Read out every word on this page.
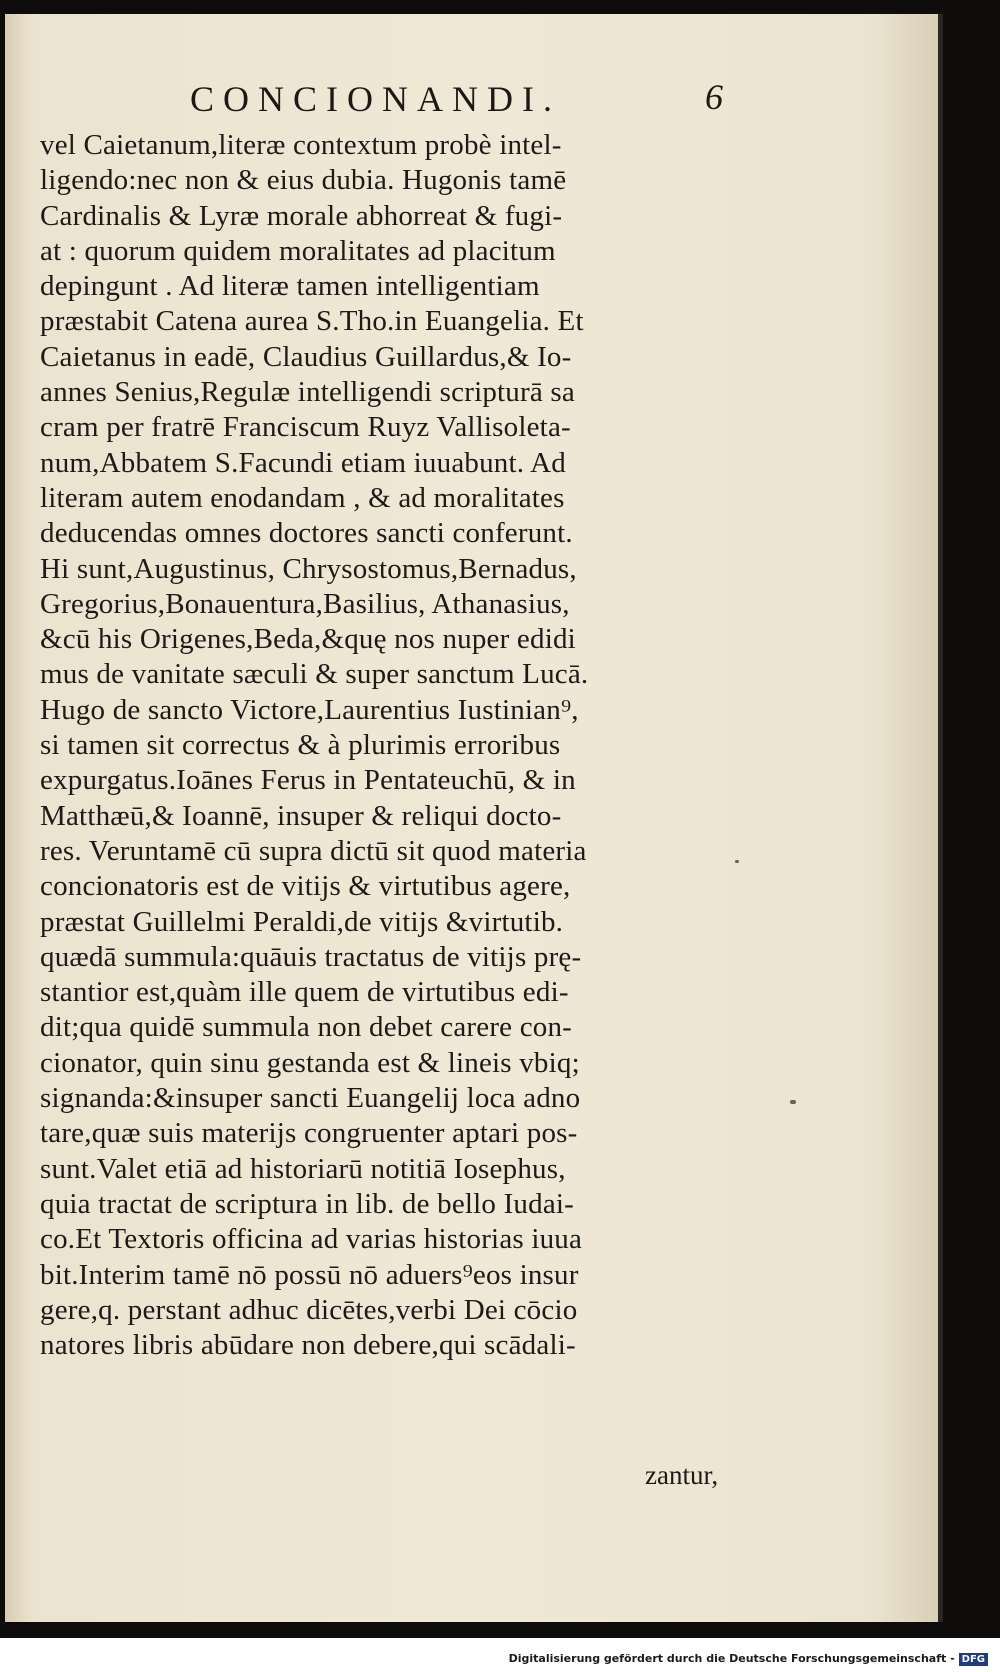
CONCIONANDI.	6
vel Caietanum,literæ contextum probè intel-
ligendo:nec non & eius dubia. Hugonis tamē
Cardinalis & Lyræ morale abhorreat & fugi-
at : quorum quidem moralitates ad placitum
depingunt . Ad literæ tamen intelligentiam
præstabit Catena aurea S.Tho.in Euangelia. Et
Caietanus in eadē, Claudius Guillardus,& Io-
annes Senius,Regulæ intelligendi scripturā sa
cram per fratrē Franciscum Ruyz Vallisoleta-
num,Abbatem S.Facundi etiam iuuabunt. Ad
literam autem enodandam , & ad moralitates
deducendas omnes doctores sancti conferunt.
Hi sunt,Augustinus, Chrysostomus,Bernadus,
Gregorius,Bonauentura,Basilius, Athanasius,
&cū his Origenes,Beda,&quę nos nuper edidi
mus de vanitate sæculi & super sanctum Lucā.
Hugo de sancto Victore,Laurentius Iustinian⁹,
si tamen sit correctus & à plurimis erroribus
expurgatus.Ioānes Ferus in Pentateuchū, & in
Matthæū,& Ioannē, insuper & reliqui docto-
res. Veruntamē cū supra dictū sit quod materia
concionatoris est de vitijs & virtutibus agere,
præstat Guillelmi Peraldi,de vitijs &virtutib.
quædā summula:quāuis tractatus de vitijs prę-
stantior est,quàm ille quem de virtutibus edi-
dit;qua quidē summula non debet carere con-
cionator, quin sinu gestanda est & lineis vbiq;
signanda:&insuper sancti Euangelij loca adno
tare,quæ suis materijs congruenter aptari pos-
sunt.Valet etiā ad historiarū notitiā Iosephus,
quia tractat de scriptura in lib. de bello Iudai-
co.Et Textoris officina ad varias historias iuua
bit.Interim tamē nō possū nō aduers⁹eos insur
gere,q. perstant adhuc dicētes,verbi Dei cōcio
natores libris abūdare non debere,qui scādali-
zantur,
Digitalisierung gefördert durch die Deutsche Forschungsgemeinschaft - DFG
